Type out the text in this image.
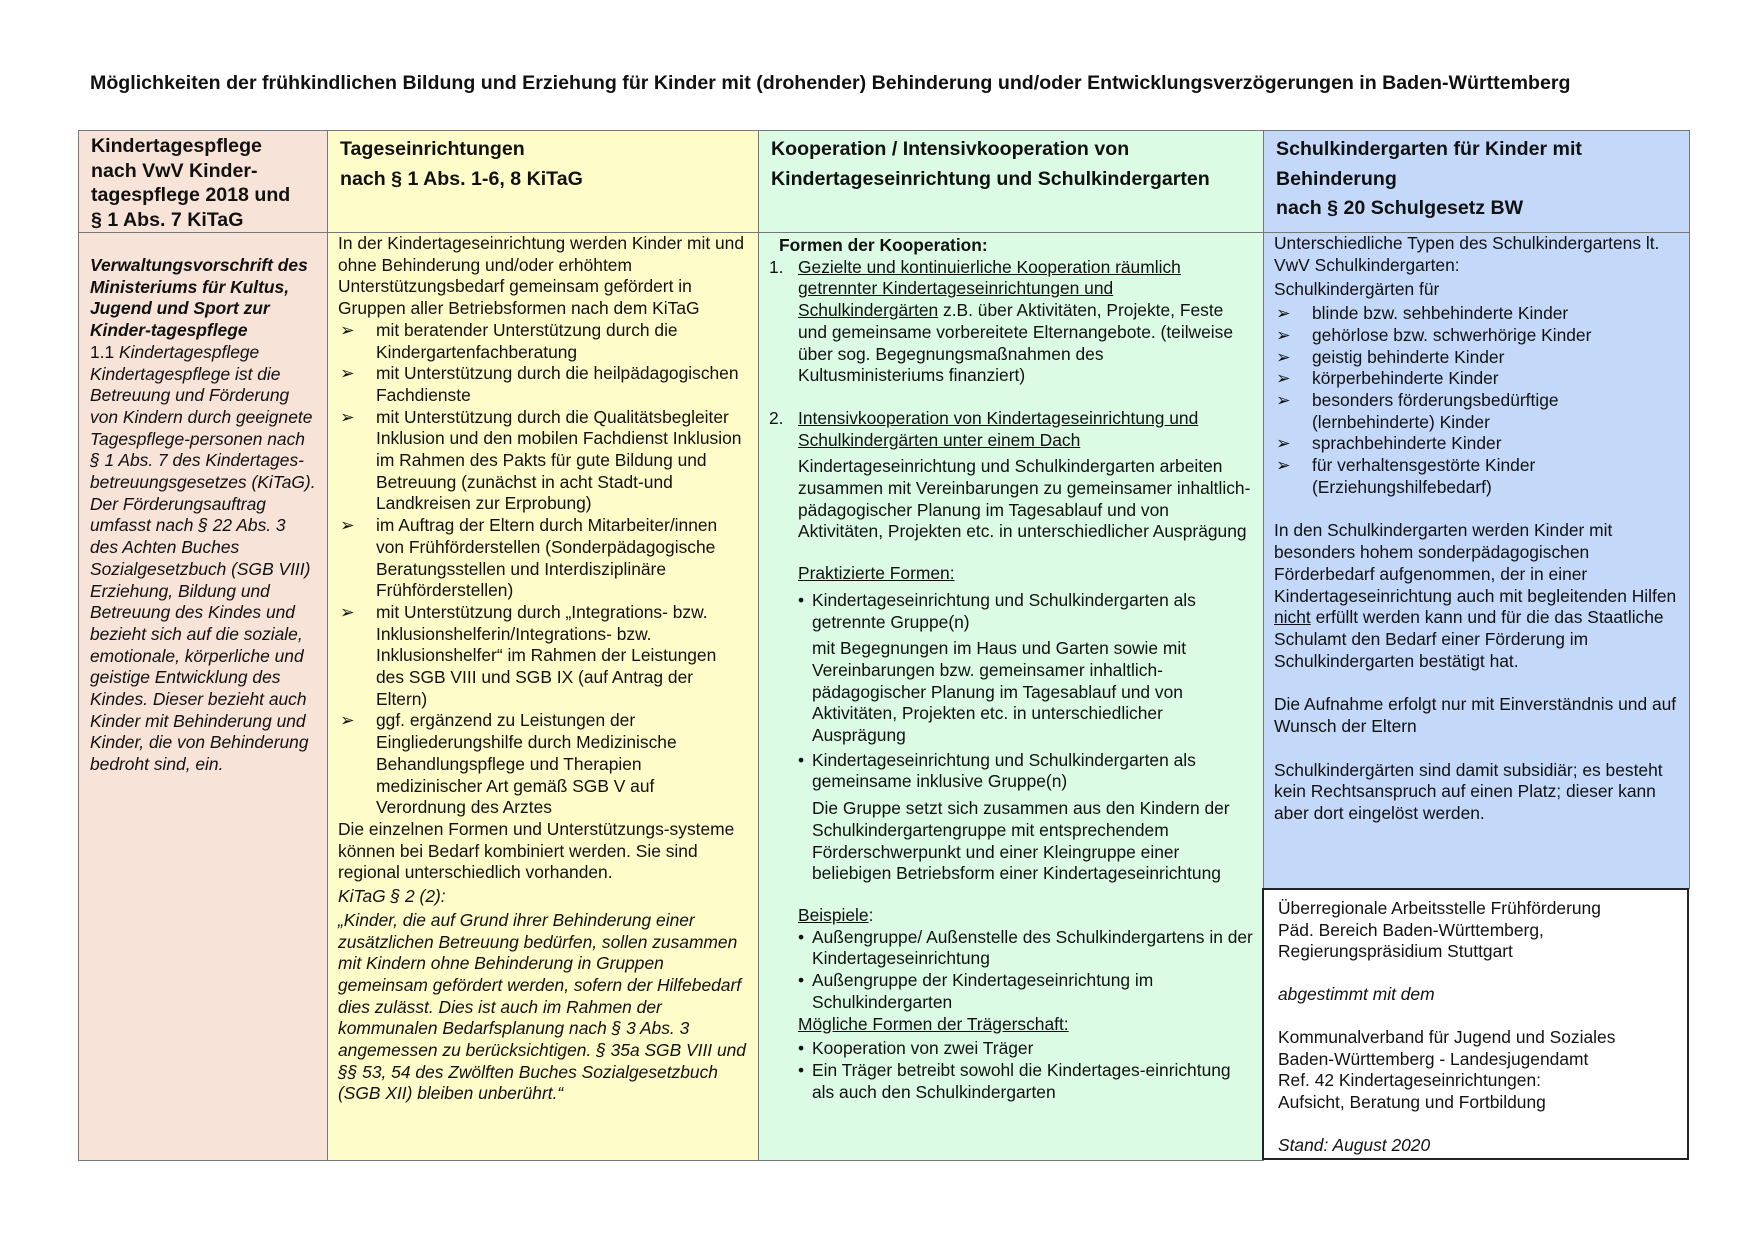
Möglichkeiten der frühkindlichen Bildung und Erziehung für Kinder mit (drohender) Behinderung und/oder Entwicklungsverzögerungen in Baden-Württemberg

Kindertagespflege

nach VwV Kinder-

tagespflege 2018 und

§ 1 Abs. 7 KiTaG

Tageseinrichtungen

nach § 1 Abs. 1-6, 8 KiTaG

Kooperation / Intensivkooperation von

Kindertageseinrichtung und Schulkindergarten

Schulkindergarten für Kinder mit

Behinderung

nach § 20 Schulgesetz BW

Verwaltungsvorschrift des Ministeriums für Kultus, Jugend und Sport zur Kinder-tagespflege

1.1 Kindertagespflege

Kindertagespflege ist die Betreuung und Förderung von Kindern durch geeignete Tagespflege-personen nach § 1 Abs. 7 des Kindertages-betreuungsgesetzes (KiTaG). Der Förderungsauftrag umfasst nach § 22 Abs. 3 des Achten Buches Sozialgesetzbuch (SGB VIII) Erziehung, Bildung und Betreuung des Kindes und bezieht sich auf die soziale, emotionale, körperliche und geistige Entwicklung des Kindes. Dieser bezieht auch Kinder mit Behinderung und Kinder, die von Behinderung bedroht sind, ein.

In der Kindertageseinrichtung werden Kinder mit und ohne Behinderung und/oder erhöhtem Unterstützungsbedarf gemeinsam gefördert in Gruppen aller Betriebsformen nach dem KiTaG

➢ mit beratender Unterstützung durch die Kindergartenfachberatung
➢ mit Unterstützung durch die heilpädagogischen Fachdienste
➢ mit Unterstützung durch die Qualitätsbegleiter Inklusion und den mobilen Fachdienst Inklusion im Rahmen des Pakts für gute Bildung und Betreuung (zunächst in acht Stadt-und Landkreisen zur Erprobung)
➢ im Auftrag der Eltern durch Mitarbeiter/innen von Frühförderstellen (Sonderpädagogische Beratungsstellen und Interdisziplinäre Frühförderstellen)
➢ mit Unterstützung durch „Integrations- bzw. Inklusionshelferin/Integrations- bzw. Inklusionshelfer“ im Rahmen der Leistungen des SGB VIII und SGB IX (auf Antrag der Eltern)
➢ ggf. ergänzend zu Leistungen der Eingliederungshilfe durch Medizinische Behandlungspflege und Therapien medizinischer Art gemäß SGB V auf Verordnung des Arztes

Die einzelnen Formen und Unterstützungs-systeme können bei Bedarf kombiniert werden. Sie sind regional unterschiedlich vorhanden.

KiTaG § 2 (2):

„Kinder, die auf Grund ihrer Behinderung einer zusätzlichen Betreuung bedürfen, sollen zusammen mit Kindern ohne Behinderung in Gruppen gemeinsam gefördert werden, sofern der Hilfebedarf dies zulässt. Dies ist auch im Rahmen der kommunalen Bedarfsplanung nach § 3 Abs. 3 angemessen zu berücksichtigen. § 35a SGB VIII und §§ 53, 54 des Zwölften Buches Sozialgesetzbuch (SGB XII) bleiben unberührt.“

Formen der Kooperation:

1. Gezielte und kontinuierliche Kooperation räumlich getrennter Kindertageseinrichtungen und Schulkindergärten z.B. über Aktivitäten, Projekte, Feste und gemeinsame vorbereitete Elternangebote. (teilweise über sog. Begegnungsmaßnahmen des Kultusministeriums finanziert)
2. Intensivkooperation von Kindertageseinrichtung und Schulkindergärten unter einem Dach

Kindertageseinrichtung und Schulkindergarten arbeiten zusammen mit Vereinbarungen zu gemeinsamer inhaltlich-pädagogischer Planung im Tagesablauf und von Aktivitäten, Projekten etc. in unterschiedlicher Ausprägung

Praktizierte Formen:

• Kindertageseinrichtung und Schulkindergarten als getrennte Gruppe(n)

mit Begegnungen im Haus und Garten sowie mit Vereinbarungen bzw. gemeinsamer inhaltlich-pädagogischer Planung im Tagesablauf und von Aktivitäten, Projekten etc. in unterschiedlicher Ausprägung

• Kindertageseinrichtung und Schulkindergarten als gemeinsame inklusive Gruppe(n)

Die Gruppe setzt sich zusammen aus den Kindern der Schulkindergartengruppe mit entsprechendem Förderschwerpunkt und einer Kleingruppe einer beliebigen Betriebsform einer Kindertageseinrichtung

Beispiele:

• Außengruppe/ Außenstelle des Schulkindergartens in der Kindertageseinrichtung
• Außengruppe der Kindertageseinrichtung im Schulkindergarten

Mögliche Formen der Trägerschaft:

• Kooperation von zwei Träger
• Ein Träger betreibt sowohl die Kindertages-einrichtung als auch den Schulkindergarten

Unterschiedliche Typen des Schulkindergartens lt. VwV Schulkindergarten:

Schulkindergärten für

➢ blinde bzw. sehbehinderte Kinder
➢ gehörlose bzw. schwerhörige Kinder
➢ geistig behinderte Kinder
➢ körperbehinderte Kinder
➢ besonders förderungsbedürftige (lernbehinderte) Kinder
➢ sprachbehinderte Kinder
➢ für verhaltensgestörte Kinder (Erziehungshilfebedarf)

In den Schulkindergarten werden Kinder mit besonders hohem sonderpädagogischen Förderbedarf aufgenommen, der in einer Kindertageseinrichtung auch mit begleitenden Hilfen nicht erfüllt werden kann und für die das Staatliche Schulamt den Bedarf einer Förderung im Schulkindergarten bestätigt hat.

Die Aufnahme erfolgt nur mit Einverständnis und auf Wunsch der Eltern

Schulkindergärten sind damit subsidiär; es besteht kein Rechtsanspruch auf einen Platz; dieser kann aber dort eingelöst werden.

Überregionale Arbeitsstelle Frühförderung

Päd. Bereich Baden-Württemberg,

Regierungspräsidium Stuttgart

abgestimmt mit dem

Kommunalverband für Jugend und Soziales

Baden-Württemberg - Landesjugendamt

Ref. 42 Kindertageseinrichtungen:

Aufsicht, Beratung und Fortbildung

Stand: August 2020
